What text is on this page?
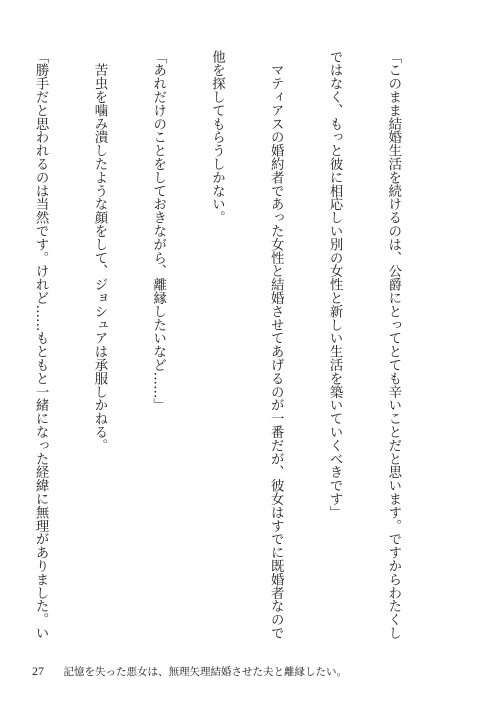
「このまま結婚生活を続けるのは、公爵にとってとても辛いことだと思います。ですからわたくし

ではなく、もっと彼に相応しい別の女性と新しい生活を築いていくべきです」

　マティアスの婚約者であった女性と結婚させてあげるのが一番だが、彼女はすでに既婚者なので

他を探してもらうしかない。

「あれだけのことをしておきながら、離縁したいなど……」

　苦虫を噛み潰したような顔をして、ジョシュアは承服しかねる。

「勝手だと思われるのは当然です。けれど……もともと一緒になった経緯に無理がありました。い

27 記憶を失った悪女は、無理矢理結婚させた夫と離縁したい。
